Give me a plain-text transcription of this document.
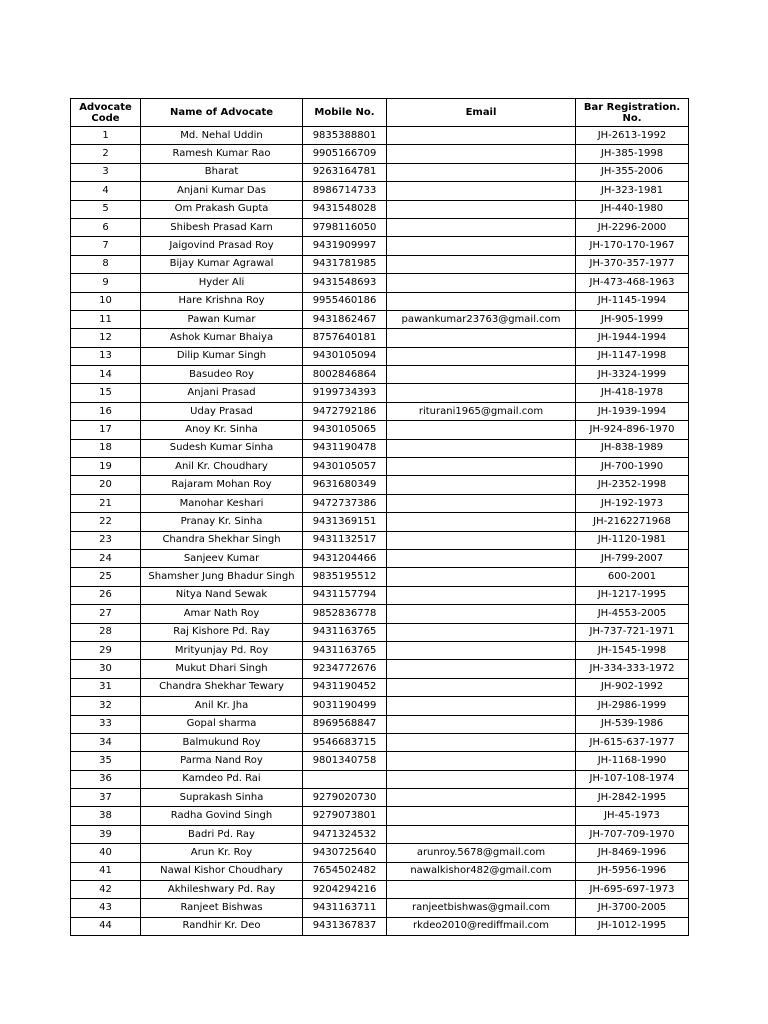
Advocate Code	Name of Advocate	Mobile No.	Email	Bar Registration. No.
1	Md. Nehal Uddin	9835388801		JH-2613-1992
2	Ramesh Kumar Rao	9905166709		JH-385-1998
3	Bharat	9263164781		JH-355-2006
4	Anjani Kumar Das	8986714733		JH-323-1981
5	Om Prakash Gupta	9431548028		JH-440-1980
6	Shibesh Prasad Karn	9798116050		JH-2296-2000
7	Jaigovind Prasad Roy	9431909997		JH-170-170-1967
8	Bijay Kumar Agrawal	9431781985		JH-370-357-1977
9	Hyder Ali	9431548693		JH-473-468-1963
10	Hare Krishna Roy	9955460186		JH-1145-1994
11	Pawan Kumar	9431862467	pawankumar23763@gmail.com	JH-905-1999
12	Ashok Kumar Bhaiya	8757640181		JH-1944-1994
13	Dilip Kumar Singh	9430105094		JH-1147-1998
14	Basudeo Roy	8002846864		JH-3324-1999
15	Anjani Prasad	9199734393		JH-418-1978
16	Uday Prasad	9472792186	riturani1965@gmail.com	JH-1939-1994
17	Anoy Kr. Sinha	9430105065		JH-924-896-1970
18	Sudesh Kumar Sinha	9431190478		JH-838-1989
19	Anil Kr. Choudhary	9430105057		JH-700-1990
20	Rajaram Mohan Roy	9631680349		JH-2352-1998
21	Manohar Keshari	9472737386		JH-192-1973
22	Pranay Kr. Sinha	9431369151		JH-2162271968
23	Chandra Shekhar Singh	9431132517		JH-1120-1981
24	Sanjeev Kumar	9431204466		JH-799-2007
25	Shamsher Jung Bhadur Singh	9835195512		600-2001
26	Nitya Nand Sewak	9431157794		JH-1217-1995
27	Amar Nath Roy	9852836778		JH-4553-2005
28	Raj Kishore Pd. Ray	9431163765		JH-737-721-1971
29	Mrityunjay Pd. Roy	9431163765		JH-1545-1998
30	Mukut Dhari Singh	9234772676		JH-334-333-1972
31	Chandra Shekhar Tewary	9431190452		JH-902-1992
32	Anil Kr. Jha	9031190499		JH-2986-1999
33	Gopal sharma	8969568847		JH-539-1986
34	Balmukund Roy	9546683715		JH-615-637-1977
35	Parma Nand Roy	9801340758		JH-1168-1990
36	Kamdeo Pd. Rai			JH-107-108-1974
37	Suprakash Sinha	9279020730		JH-2842-1995
38	Radha Govind Singh	9279073801		JH-45-1973
39	Badri Pd. Ray	9471324532		JH-707-709-1970
40	Arun Kr. Roy	9430725640	arunroy.5678@gmail.com	JH-8469-1996
41	Nawal Kishor Choudhary	7654502482	nawalkishor482@gmail.com	JH-5956-1996
42	Akhileshwary Pd. Ray	9204294216		JH-695-697-1973
43	Ranjeet Bishwas	9431163711	ranjeetbishwas@gmail.com	JH-3700-2005
44	Randhir Kr. Deo	9431367837	rkdeo2010@rediffmail.com	JH-1012-1995
